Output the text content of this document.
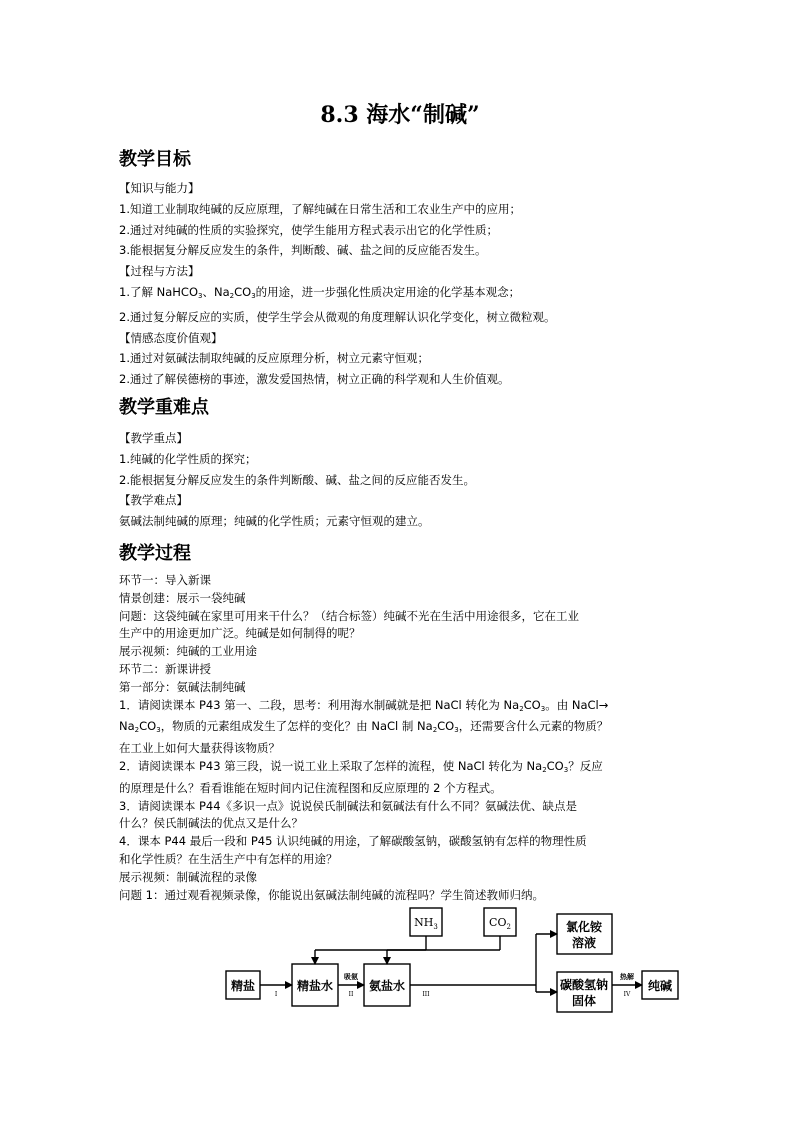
8.3 海水“制碱”
教学目标
【知识与能力】
1.知道工业制取纯碱的反应原理，了解纯碱在日常生活和工农业生产中的应用；
2.通过对纯碱的性质的实验探究，使学生能用方程式表示出它的化学性质；
3.能根据复分解反应发生的条件，判断酸、碱、盐之间的反应能否发生。
【过程与方法】
1.了解 NaHCO$_3$、$Na_2CO_3$的用途，进一步强化性质决定用途的化学基本观念；
2.通过复分解反应的实质，使学生学会从微观的角度理解认识化学变化，树立微粒观。
【情感态度价值观】
1.通过对氨碱法制取纯碱的反应原理分析，树立元素守恒观；
2.通过了解侯德榜的事迹，激发爱国热情，树立正确的科学观和人生价值观。
教学重难点
【教学重点】
1.纯碱的化学性质的探究；
2.能根据复分解反应发生的条件判断酸、碱、盐之间的反应能否发生。
【教学难点】
氨碱法制纯碱的原理；纯碱的化学性质；元素守恒观的建立。
教学过程
环节一：导入新课
情景创建：展示一袋纯碱
问题：这袋纯碱在家里可用来干什么？（结合标签）纯碱不光在生活中用途很多，它在工业
生产中的用途更加广泛。纯碱是如何制得的呢？
展示视频：纯碱的工业用途
环节二：新课讲授
第一部分：氨碱法制纯碱
1．请阅读课本 P43 第一、二段，思考：利用海水制碱就是把 NaCl 转化为 $Na_2CO_3$。由 NaCl→
$Na_2CO_3$，物质的元素组成发生了怎样的变化？由 NaCl 制 $Na_2CO_3$，还需要含什么元素的物质？
在工业上如何大量获得该物质？
2．请阅读课本 P43 第三段，说一说工业上采取了怎样的流程，使 NaCl 转化为 $Na_2CO_3$？反应
的原理是什么？看看谁能在短时间内记住流程图和反应原理的 2 个方程式。
3．请阅读课本 P44《多识一点》说说侯氏制碱法和氨碱法有什么不同？氨碱法优、缺点是
什么？侯氏制碱法的优点又是什么？
4．课本 P44 最后一段和 P45 认识纯碱的用途，了解碳酸氢钠，碳酸氢钠有怎样的物理性质
和化学性质？在生活生产中有怎样的用途？
展示视频：制碱流程的录像
问题 1：通过观看视频录像，你能说出氨碱法制纯碱的流程吗？学生简述教师归纳。
精盐	精盐水	氨盐水
$NH_3$	$CO_2$	氯化铵
溶液
碳酸氢钠
固体
纯碱
吸氨	热解
I	II	III	IV
